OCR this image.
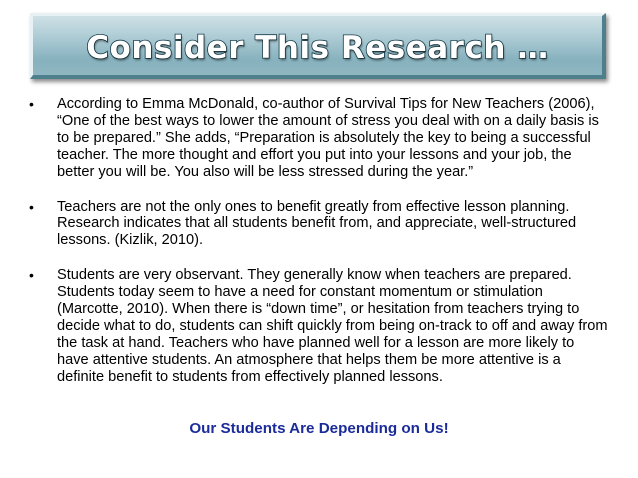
Consider This Research …
• According to Emma McDonald, co-author of Survival Tips for New Teachers (2006), “One of the best ways to lower the amount of stress you deal with on a daily basis is to be prepared.” She adds, “Preparation is absolutely the key to being a successful teacher. The more thought and effort you put into your lessons and your job, the better you will be. You also will be less stressed during the year.”
• Teachers are not the only ones to benefit greatly from effective lesson planning. Research indicates that all students benefit from, and appreciate, well-structured lessons. (Kizlik, 2010).
• Students are very observant. They generally know when teachers are prepared. Students today seem to have a need for constant momentum or stimulation (Marcotte, 2010). When there is “down time”, or hesitation from teachers trying to decide what to do, students can shift quickly from being on-track to off and away from the task at hand. Teachers who have planned well for a lesson are more likely to have attentive students. An atmosphere that helps them be more attentive is a definite benefit to students from effectively planned lessons.
Our Students Are Depending on Us!
